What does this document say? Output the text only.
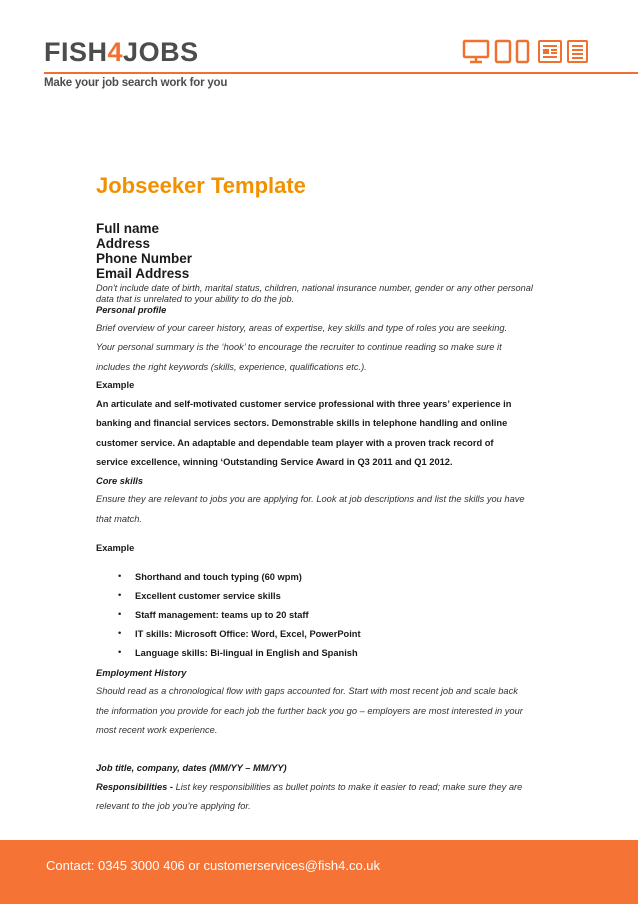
FISH4JOBS
Make your job search work for you
Jobseeker Template
Full name
Address
Phone Number
Email Address
Don't include date of birth, marital status, children, national insurance number, gender or any other personal data that is unrelated to your ability to do the job.
Personal profile
Brief overview of your career history, areas of expertise, key skills and type of roles you are seeking.
Your personal summary is the ‘hook’ to encourage the recruiter to continue reading so make sure it
includes the right keywords (skills, experience, qualifications etc.).
Example
An articulate and self-motivated customer service professional with three years’ experience in
banking and financial services sectors. Demonstrable skills in telephone handling and online
customer service. An adaptable and dependable team player with a proven track record of
service excellence, winning ‘Outstanding Service Award in Q3 2011 and Q1 2012.
Core skills
Ensure they are relevant to jobs you are applying for. Look at job descriptions and list the skills you have
that match.
Example
• Shorthand and touch typing (60 wpm)
• Excellent customer service skills
• Staff management: teams up to 20 staff
• IT skills: Microsoft Office: Word, Excel, PowerPoint
• Language skills: Bi-lingual in English and Spanish
Employment History
Should read as a chronological flow with gaps accounted for. Start with most recent job and scale back
the information you provide for each job the further back you go – employers are most interested in your
most recent work experience.
Job title, company, dates (MM/YY – MM/YY)
Responsibilities - List key responsibilities as bullet points to make it easier to read; make sure they are
relevant to the job you’re applying for.
Contact: 0345 3000 406 or customerservices@fish4.co.uk
